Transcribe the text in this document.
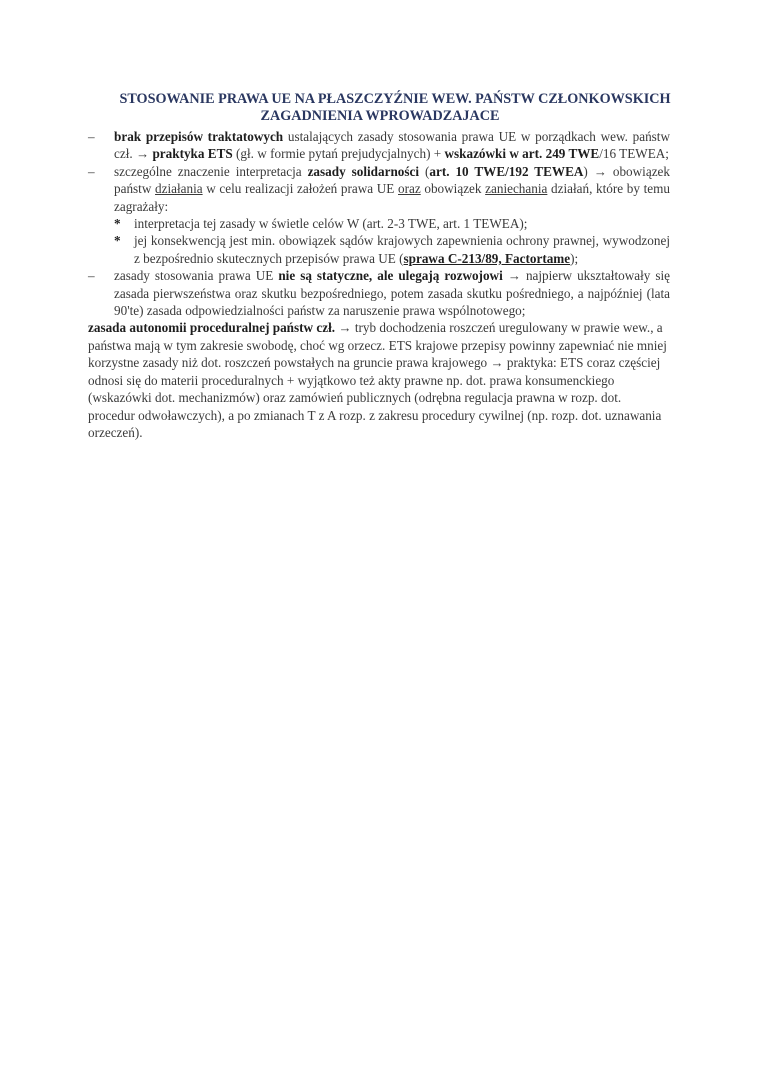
STOSOWANIE PRAWA UE NA PŁASZCZYŹNIE WEW. PAŃSTW CZŁONKOWSKICH
ZAGADNIENIA WPROWADZAJACE
– brak przepisów traktatowych ustalających zasady stosowania prawa UE w porządkach wew. państw czł. → praktyka ETS (gł. w formie pytań prejudycjalnych) + wskazówki w art. 249 TWE/16 TEWEA;
– szczególne znaczenie interpretacja zasady solidarności (art. 10 TWE/192 TEWEA) → obowiązek państw działania w celu realizacji założeń prawa UE oraz obowiązek zaniechania działań, które by temu zagrażały:
* interpretacja tej zasady w świetle celów W (art. 2-3 TWE, art. 1 TEWEA);
* jej konsekwencją jest min. obowiązek sądów krajowych zapewnienia ochrony prawnej, wywodzonej z bezpośrednio skutecznych przepisów prawa UE (sprawa C-213/89, Factortame);
– zasady stosowania prawa UE nie są statyczne, ale ulegają rozwojowi → najpierw ukształtowały się zasada pierwszeństwa oraz skutku bezpośredniego, potem zasada skutku pośredniego, a najpóźniej (lata 90'te) zasada odpowiedzialności państw za naruszenie prawa wspólnotowego;
zasada autonomii proceduralnej państw czł. → tryb dochodzenia roszczeń uregulowany w prawie wew., a państwa mają w tym zakresie swobodę, choć wg orzecz. ETS krajowe przepisy powinny zapewniać nie mniej korzystne zasady niż dot. roszczeń powstałych na gruncie prawa krajowego → praktyka: ETS coraz częściej odnosi się do materii proceduralnych + wyjątkowo też akty prawne np. dot. prawa konsumenckiego (wskazówki dot. mechanizmów) oraz zamówień publicznych (odrębna regulacja prawna w rozp. dot. procedur odwoławczych), a po zmianach T z A rozp. z zakresu procedury cywilnej (np. rozp. dot. uznawania orzeczeń).
